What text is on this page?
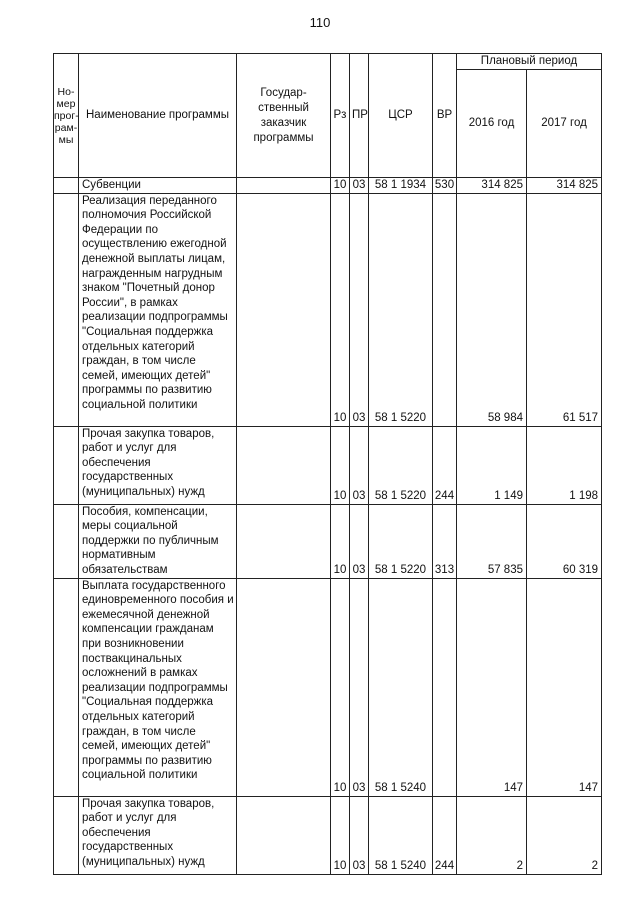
110
Но-
мер
прог-
рам-
мы	Наименование программы	Государ-
ственный
заказчик
программы	Рз	ПР	ЦСР	ВР	Плановый период	
							2016 год	2017 год
	Субвенции		10	03	58 1 1934	530	314 825	314 825
	Реализация переданного полномочия Российской Федерации по осуществлению ежегодной денежной выплаты лицам, награжденным нагрудным знаком "Почетный донор России", в рамках реализации подпрограммы "Социальная поддержка отдельных категорий граждан, в том числе семей, имеющих детей" программы по развитию социальной политики		10	03	58 1 5220		58 984	61 517
	Прочая закупка товаров, работ и услуг для обеспечения государственных (муниципальных) нужд		10	03	58 1 5220	244	1 149	1 198
	Пособия, компенсации, меры социальной поддержки по публичным нормативным обязательствам		10	03	58 1 5220	313	57 835	60 319
	Выплата государственного единовременного пособия и ежемесячной денежной компенсации гражданам при возникновении поствакцинальных осложнений в рамках реализации подпрограммы "Социальная поддержка отдельных категорий граждан, в том числе семей, имеющих детей" программы по развитию социальной политики		10	03	58 1 5240		147	147
	Прочая закупка товаров, работ и услуг для обеспечения государственных (муниципальных) нужд		10	03	58 1 5240	244	2	2
